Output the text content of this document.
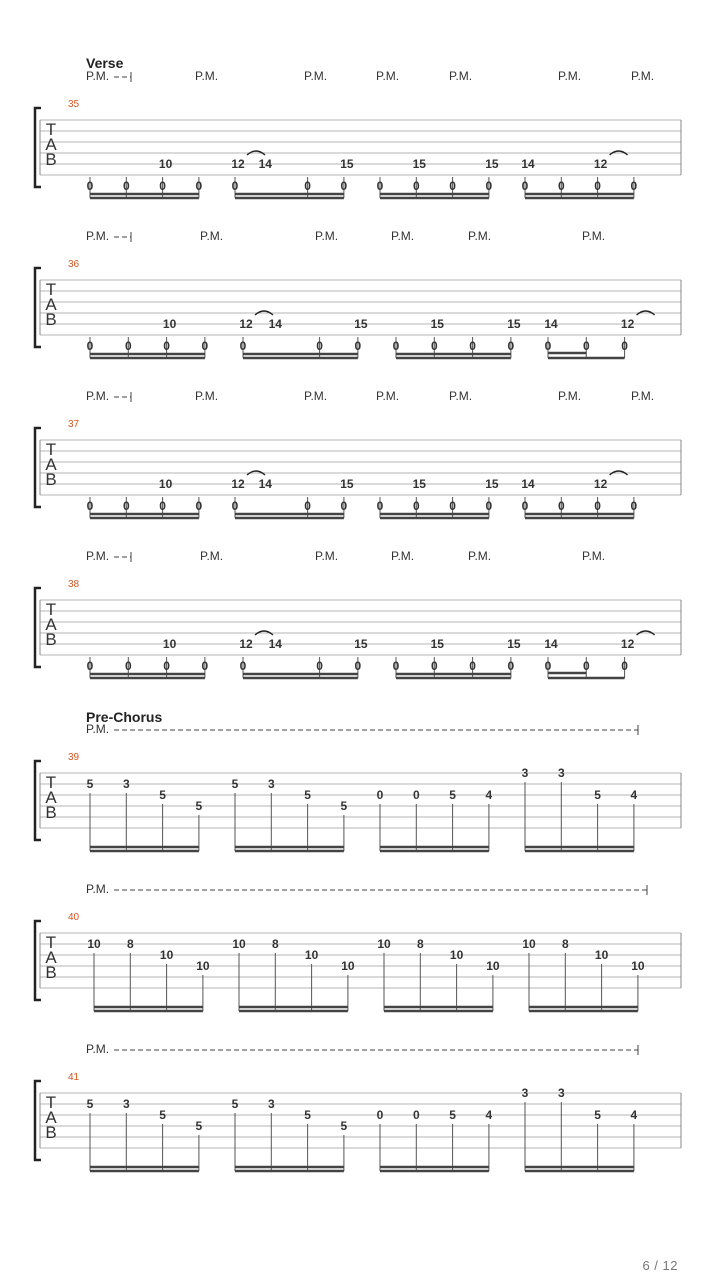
Verse
Pre-Chorus
T
A
B
35
P.M.	P.M.	P.M.	P.M.	P.M.	P.M.	P.M.
0 0 0
10
0 0
12 14
0 0
15
0 0
15
0 0
15
0
14
0 0
12
0
T
A
B
36
P.M.	P.M.	P.M.	P.M.	P.M.	P.M.
0	0	0
10
0	0
12 14
0	0
15
0	0
15
0	0
15
0
14
0	0
12
T
A
B
37
P.M.	P.M.	P.M.	P.M.	P.M.	P.M.	P.M.
0 0 0
10
0 0
12 14
0 0
15
0 0
15
0 0
15
0
14
0 0
12
0
T
A
B
38
P.M.	P.M.	P.M.	P.M.	P.M.	P.M.
0	0	0
10
0	0
12 14
0	0
15
0	0
15
0	0
15
0
14
0	0
12
T
A
B
39
P.M.
5 3
5
5
5 3
5
5
0 0 5 4
3 3
5 4
T
A
B
40
P.M.
10 8
10
10
10 8
10
10
10 8
10
10
10 8
10
10
T
A
B
41
P.M.
5 3
5
5
5 3
5
5
0 0 5 4
3 3
5 4
6 / 12
